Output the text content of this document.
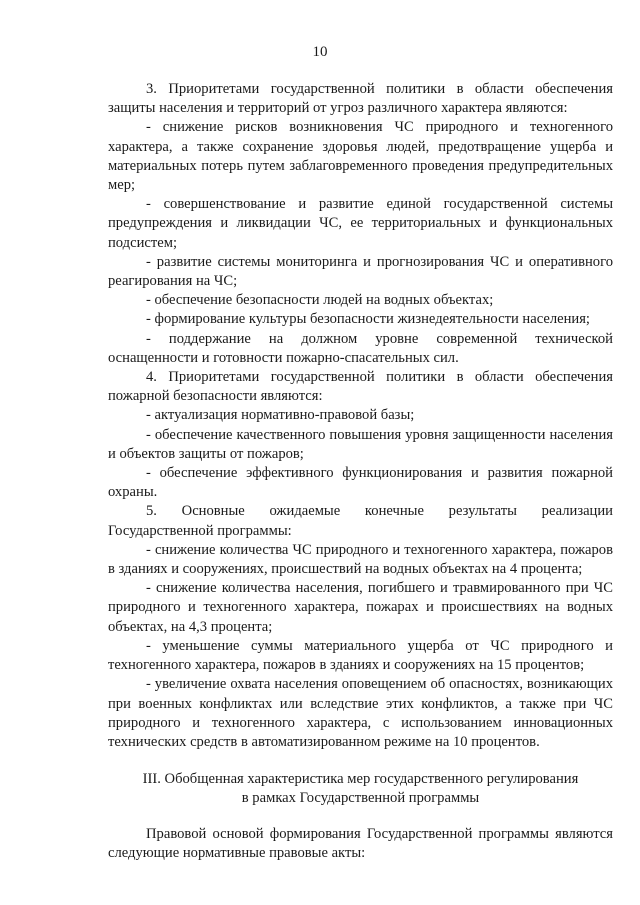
10

3. Приоритетами государственной политики в области обеспечения защиты населения и территорий от угроз различного характера являются:

- снижение рисков возникновения ЧС природного и техногенного характера, а также сохранение здоровья людей, предотвращение ущерба и материальных потерь путем заблаговременного проведения предупредительных мер;

- совершенствование и развитие единой государственной системы предупреждения и ликвидации ЧС, ее территориальных и функциональных подсистем;

- развитие системы мониторинга и прогнозирования ЧС и оперативного реагирования на ЧС;

- обеспечение безопасности людей на водных объектах;

- формирование культуры безопасности жизнедеятельности населения;

- поддержание на должном уровне современной технической оснащенности и готовности пожарно-спасательных сил.

4. Приоритетами государственной политики в области обеспечения пожарной безопасности являются:

- актуализация нормативно-правовой базы;

- обеспечение качественного повышения уровня защищенности населения и объектов защиты от пожаров;

- обеспечение эффективного функционирования и развития пожарной охраны.

5. Основные ожидаемые конечные результаты реализации Государственной программы:

- снижение количества ЧС природного и техногенного характера, пожаров в зданиях и сооружениях, происшествий на водных объектах на 4 процента;

- снижение количества населения, погибшего и травмированного при ЧС природного и техногенного характера, пожарах и происшествиях на водных объектах, на 4,3 процента;

- уменьшение суммы материального ущерба от ЧС природного и техногенного характера, пожаров в зданиях и сооружениях на 15 процентов;

- увеличение охвата населения оповещением об опасностях, возникающих при военных конфликтах или вследствие этих конфликтов, а также при ЧС природного и техногенного характера, с использованием инновационных технических средств в автоматизированном режиме на 10 процентов.

III. Обобщенная характеристика мер государственного регулирования
в рамках Государственной программы

Правовой основой формирования Государственной программы являются следующие нормативные правовые акты:
